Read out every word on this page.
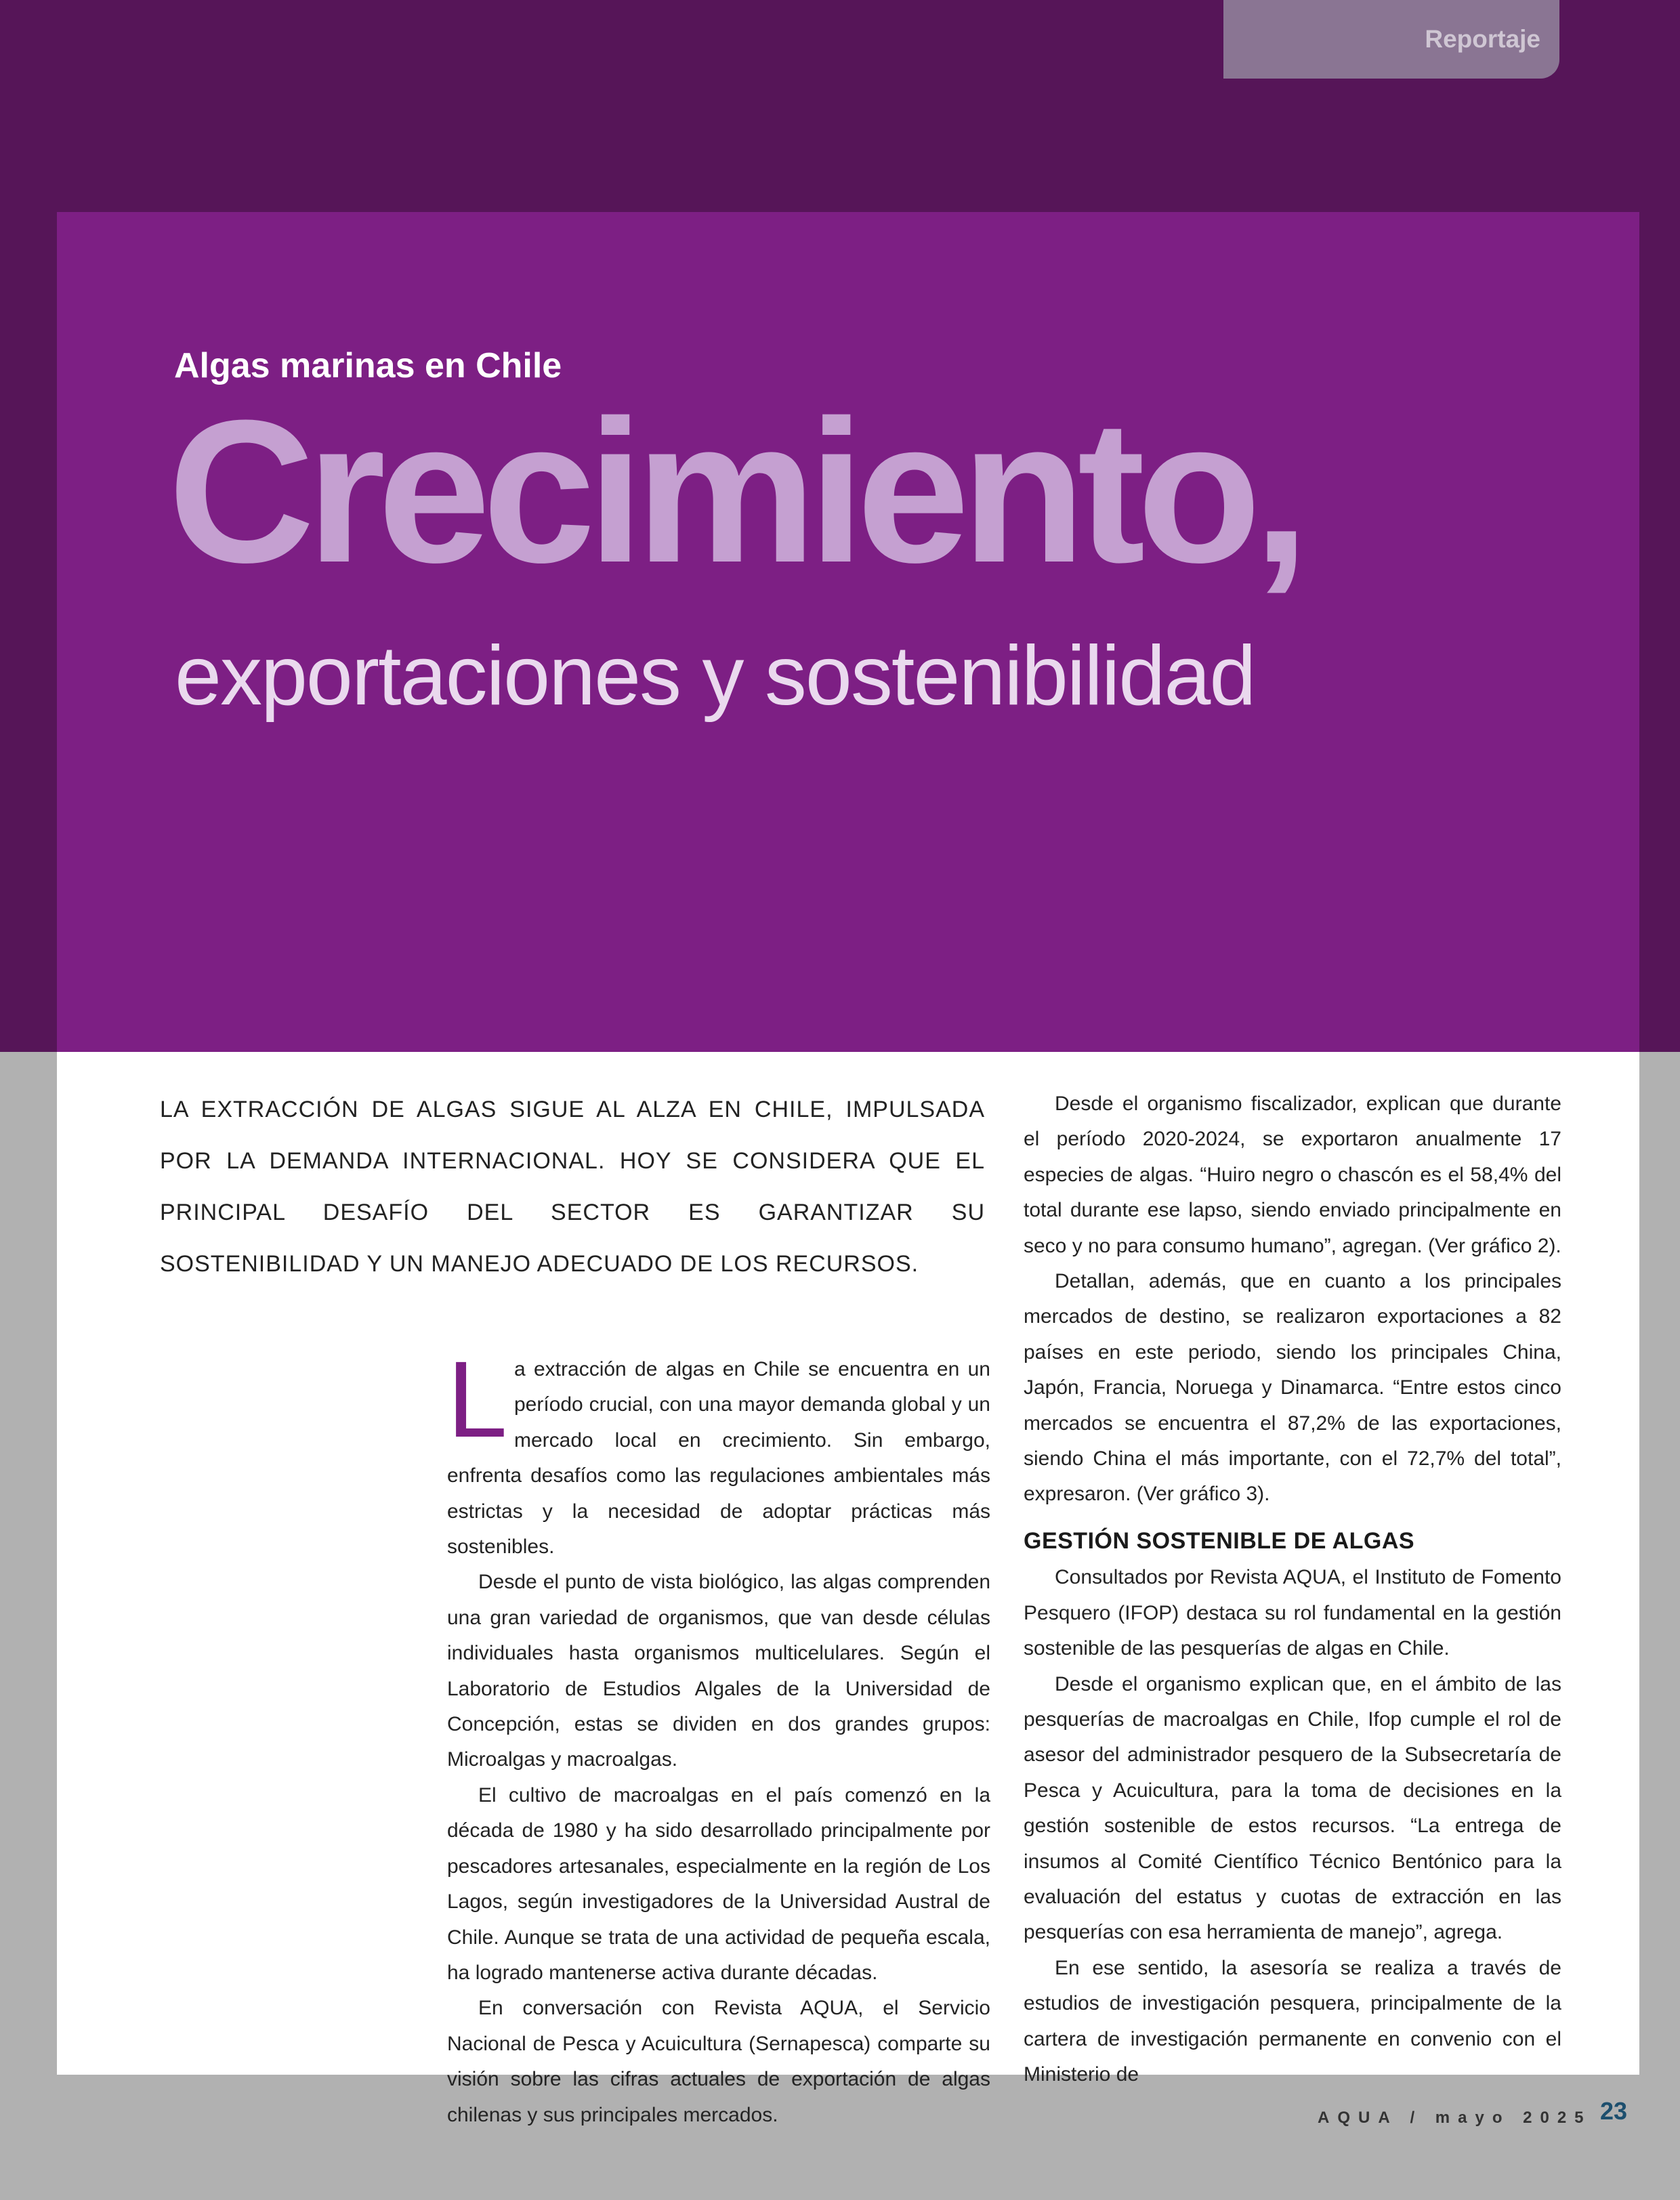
Reportaje
Algas marinas en Chile
Crecimiento,
exportaciones y sostenibilidad
LA EXTRACCIÓN DE ALGAS SIGUE AL ALZA EN CHILE, IMPULSADA POR LA DEMANDA INTERNACIONAL. HOY SE CONSIDERA QUE EL PRINCIPAL DESAFÍO DEL SECTOR ES GARANTIZAR SU SOSTENIBILIDAD Y UN MANEJO ADECUADO DE LOS RECURSOS.

La extracción de algas en Chile se encuentra en un período crucial, con una mayor demanda global y un mercado local en crecimiento. Sin embargo, enfrenta desafíos como las regulaciones ambientales más estrictas y la necesidad de adoptar prácticas más sostenibles.

Desde el punto de vista biológico, las algas comprenden una gran variedad de organismos, que van desde células individuales hasta organismos multicelulares. Según el Laboratorio de Estudios Algales de la Universidad de Concepción, estas se dividen en dos grandes grupos: Microalgas y macroalgas.

El cultivo de macroalgas en el país comenzó en la década de 1980 y ha sido desarrollado principalmente por pescadores artesanales, especialmente en la región de Los Lagos, según investigadores de la Universidad Austral de Chile. Aunque se trata de una actividad de pequeña escala, ha logrado mantenerse activa durante décadas.

En conversación con Revista AQUA, el Servicio Nacional de Pesca y Acuicultura (Sernapesca) comparte su visión sobre las cifras actuales de exportación de algas chilenas y sus principales mercados.

Desde el organismo fiscalizador, explican que durante el período 2020-2024, se exportaron anualmente 17 especies de algas. “Huiro negro o chascón es el 58,4% del total durante ese lapso, siendo enviado principalmente en seco y no para consumo humano”, agregan. (Ver gráfico 2).

Detallan, además, que en cuanto a los principales mercados de destino, se realizaron exportaciones a 82 países en este periodo, siendo los principales China, Japón, Francia, Noruega y Dinamarca. “Entre estos cinco mercados se encuentra el 87,2% de las exportaciones, siendo China el más importante, con el 72,7% del total”, expresaron. (Ver gráfico 3).

GESTIÓN SOSTENIBLE DE ALGAS

Consultados por Revista AQUA, el Instituto de Fomento Pesquero (IFOP) destaca su rol fundamental en la gestión sostenible de las pesquerías de algas en Chile.

Desde el organismo explican que, en el ámbito de las pesquerías de macroalgas en Chile, Ifop cumple el rol de asesor del administrador pesquero de la Subsecretaría de Pesca y Acuicultura, para la toma de decisiones en la gestión sostenible de estos recursos. “La entrega de insumos al Comité Científico Técnico Bentónico para la evaluación del estatus y cuotas de extracción en las pesquerías con esa herramienta de manejo”, agrega.

En ese sentido, la asesoría se realiza a través de estudios de investigación pesquera, principalmente de la cartera de investigación permanente en convenio con el Ministerio de

AQUA / mayo 2025 23
